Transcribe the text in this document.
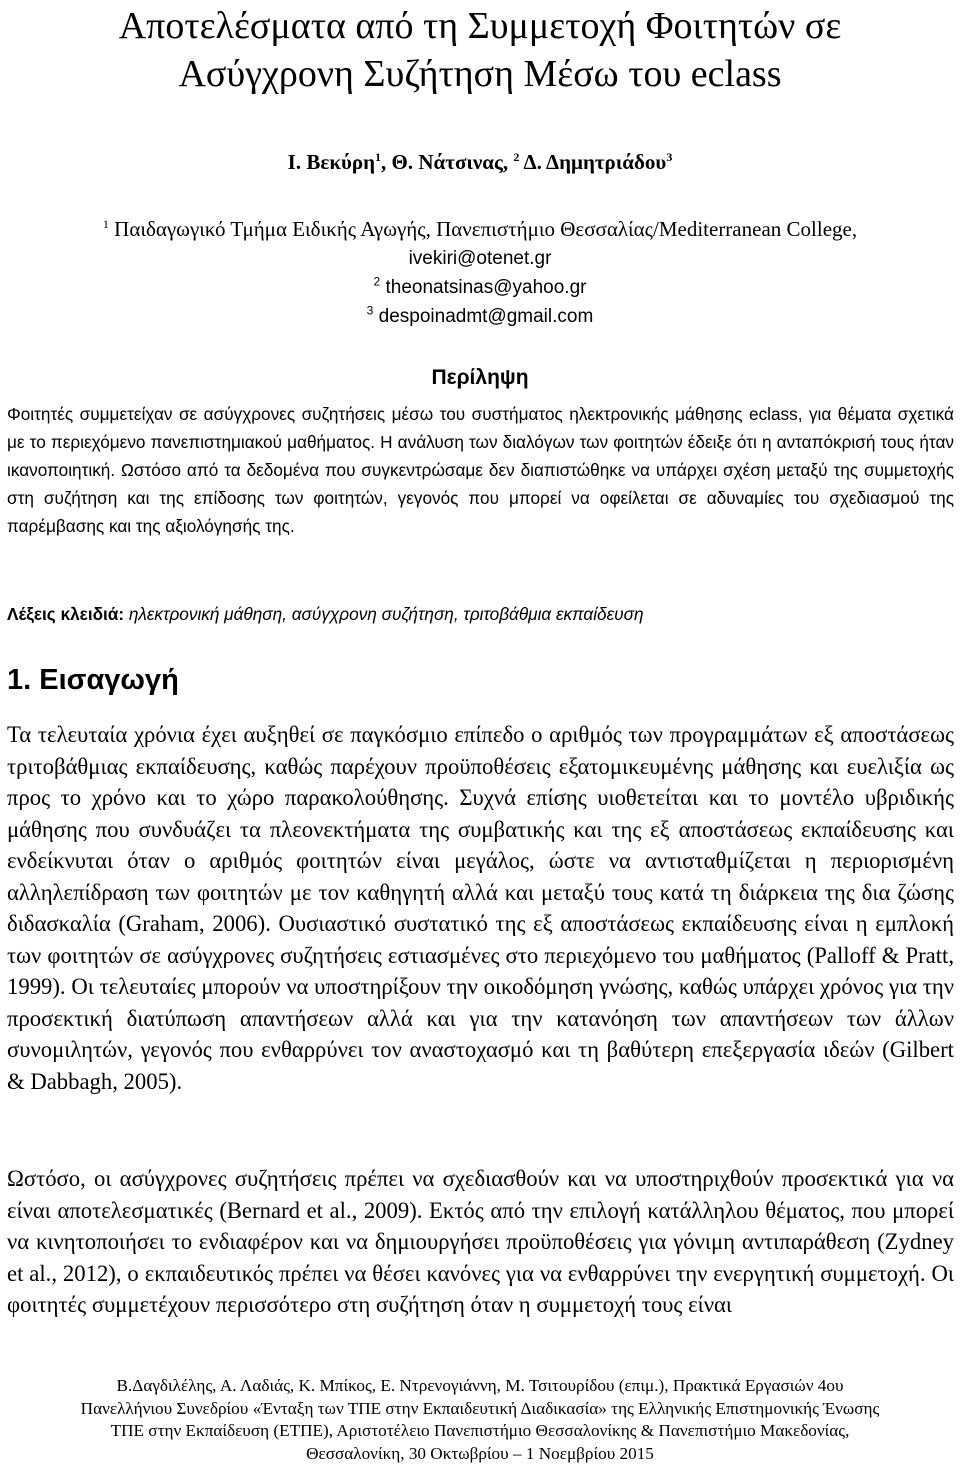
Αποτελέσματα από τη Συμμετοχή Φοιτητών σε
Ασύγχρονη Συζήτηση Μέσω του eclass
Ι. Βεκύρη$^1$, Θ. Νάτσινας, $^2$ Δ. Δημητριάδου$^3$
$^1$ Παιδαγωγικό Τμήμα Ειδικής Αγωγής, Πανεπιστήμιο Θεσσαλίας/Mediterranean College,
ivekiri@otenet.gr
$^2$ theonatsinas@yahoo.gr
$^3$ despoinadmt@gmail.com
Περίληψη
Φοιτητές συμμετείχαν σε ασύγχρονες συζητήσεις μέσω του συστήματος ηλεκτρονικής μάθησης eclass, για θέματα σχετικά με το περιεχόμενο πανεπιστημιακού μαθήματος. Η ανάλυση των διαλόγων των φοιτητών έδειξε ότι η ανταπόκρισή τους ήταν ικανοποιητική. Ωστόσο από τα δεδομένα που συγκεντρώσαμε δεν διαπιστώθηκε να υπάρχει σχέση μεταξύ της συμμετοχής στη συζήτηση και της επίδοσης των φοιτητών, γεγονός που μπορεί να οφείλεται σε αδυναμίες του σχεδιασμού της παρέμβασης και της αξιολόγησής της.
Λέξεις κλειδιά: ηλεκτρονική μάθηση, ασύγχρονη συζήτηση, τριτοβάθμια εκπαίδευση
1. Εισαγωγή
Τα τελευταία χρόνια έχει αυξηθεί σε παγκόσμιο επίπεδο ο αριθμός των προγραμμάτων εξ αποστάσεως τριτοβάθμιας εκπαίδευσης, καθώς παρέχουν προϋποθέσεις εξατομικευμένης μάθησης και ευελιξία ως προς το χρόνο και το χώρο παρακολούθησης. Συχνά επίσης υιοθετείται και το μοντέλο υβριδικής μάθησης που συνδυάζει τα πλεονεκτήματα της συμβατικής και της εξ αποστάσεως εκπαίδευσης και ενδείκνυται όταν ο αριθμός φοιτητών είναι μεγάλος, ώστε να αντισταθμίζεται η περιορισμένη αλληλεπίδραση των φοιτητών με τον καθηγητή αλλά και μεταξύ τους κατά τη διάρκεια της δια ζώσης διδασκαλία (Graham, 2006). Ουσιαστικό συστατικό της εξ αποστάσεως εκπαίδευσης είναι η εμπλοκή των φοιτητών σε ασύγχρονες συζητήσεις εστιασμένες στο περιεχόμενο του μαθήματος (Palloff & Pratt, 1999). Οι τελευταίες μπορούν να υποστηρίξουν την οικοδόμηση γνώσης, καθώς υπάρχει χρόνος για την προσεκτική διατύπωση απαντήσεων αλλά και για την κατανόηση των απαντήσεων των άλλων συνομιλητών, γεγονός που ενθαρρύνει τον αναστοχασμό και τη βαθύτερη επεξεργασία ιδεών (Gilbert & Dabbagh, 2005).
Ωστόσο, οι ασύγχρονες συζητήσεις πρέπει να σχεδιασθούν και να υποστηριχθούν προσεκτικά για να είναι αποτελεσματικές (Bernard et al., 2009). Εκτός από την επιλογή κατάλληλου θέματος, που μπορεί να κινητοποιήσει το ενδιαφέρον και να δημιουργήσει προϋποθέσεις για γόνιμη αντιπαράθεση (Zydney et al., 2012), ο εκπαιδευτικός πρέπει να θέσει κανόνες για να ενθαρρύνει την ενεργητική συμμετοχή. Οι φοιτητές συμμετέχουν περισσότερο στη συζήτηση όταν η συμμετοχή τους είναι
Β.Δαγδιλέλης, Α. Λαδιάς, Κ. Μπίκος, Ε. Ντρενογιάννη, Μ. Τσιτουρίδου (επιμ.), Πρακτικά Εργασιών 4ου
Πανελλήνιου Συνεδρίου «Ένταξη των ΤΠΕ στην Εκπαιδευτική Διαδικασία» της Ελληνικής Επιστημονικής Ένωσης
ΤΠΕ στην Εκπαίδευση (ΕΤΠΕ), Αριστοτέλειο Πανεπιστήμιο Θεσσαλονίκης & Πανεπιστήμιο Μακεδονίας,
Θεσσαλονίκη, 30 Οκτωβρίου – 1 Νοεμβρίου 2015
